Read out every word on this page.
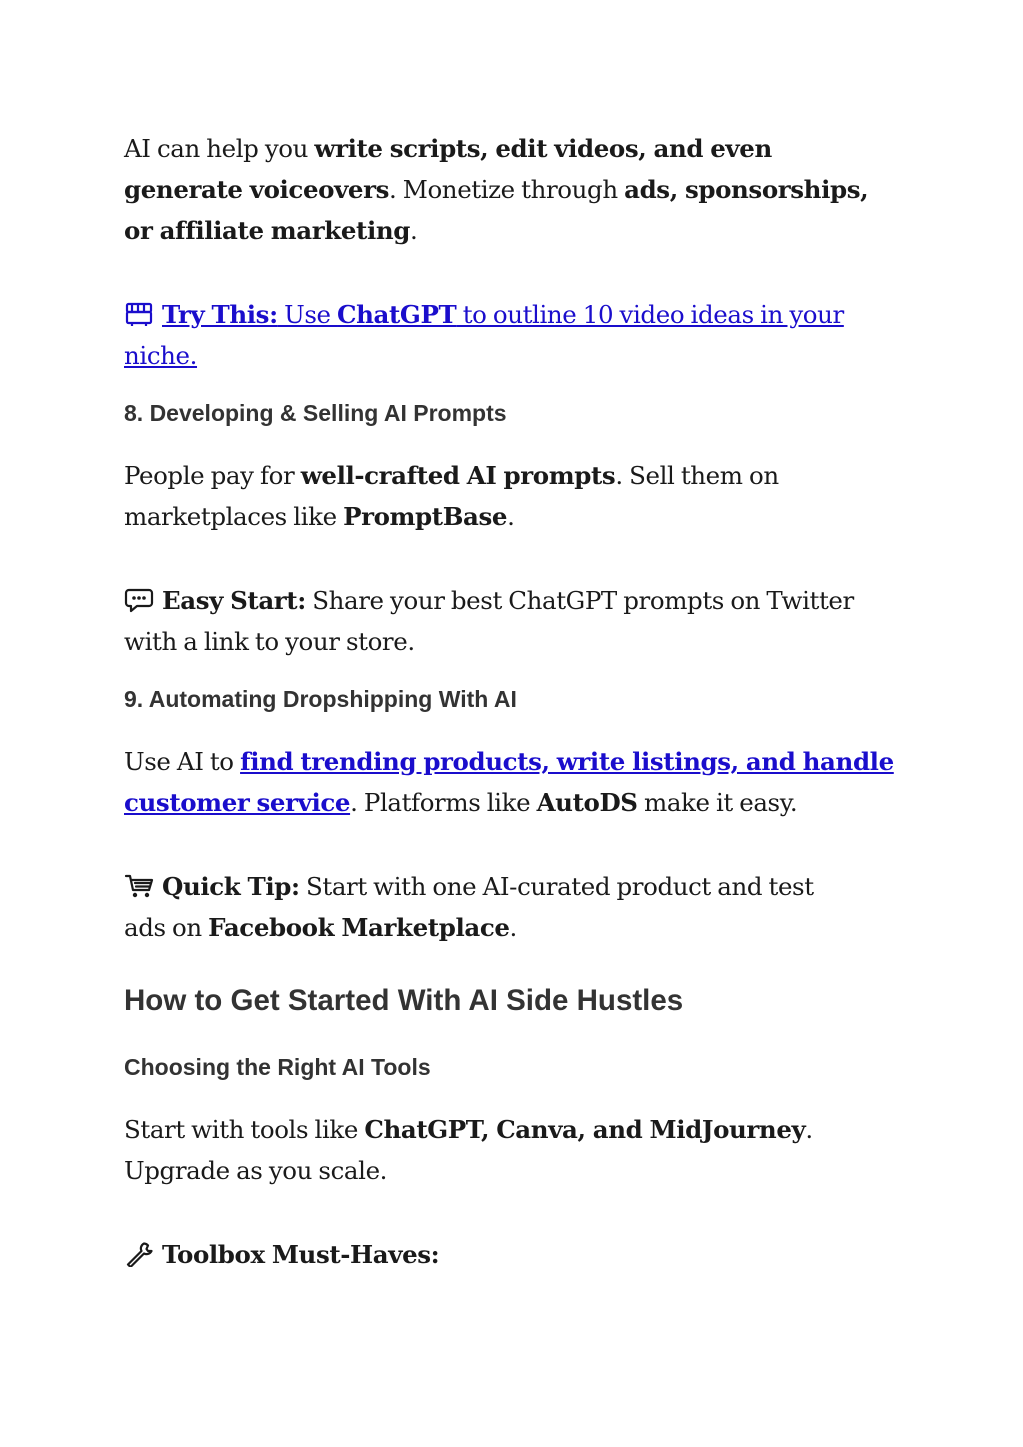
AI can help you write scripts, edit videos, and even generate voiceovers. Monetize through ads, sponsorships, or affiliate marketing.

Try This: Use ChatGPT to outline 10 video ideas in your niche.

8. Developing & Selling AI Prompts

People pay for well-crafted AI prompts. Sell them on marketplaces like PromptBase.

Easy Start: Share your best ChatGPT prompts on Twitter with a link to your store.

9. Automating Dropshipping With AI

Use AI to find trending products, write listings, and handle customer service. Platforms like AutoDS make it easy.

Quick Tip: Start with one AI-curated product and test ads on Facebook Marketplace.

How to Get Started With AI Side Hustles
Choosing the Right AI Tools

Start with tools like ChatGPT, Canva, and MidJourney. Upgrade as you scale.

Toolbox Must-Haves:
